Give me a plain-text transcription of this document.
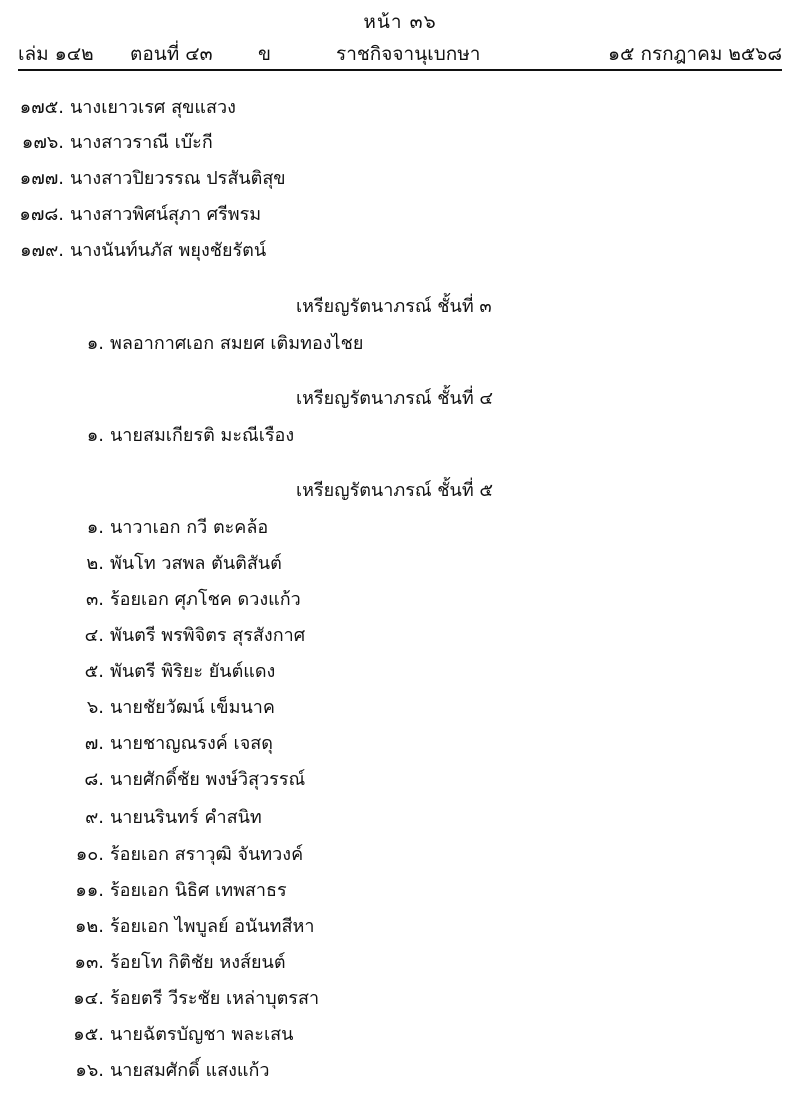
หน้า ๓๖
เล่ม ๑๔๒ ตอนที่ ๔๓ ข	ราชกิจจานุเบกษา	๑๕ กรกฎาคม ๒๕๖๘
๑๗๕. นางเยาวเรศ สุขแสวง
๑๗๖. นางสาวราณี เบ๊ะกี
๑๗๗. นางสาวปิยวรรณ ปรสันติสุข
๑๗๘. นางสาวพิศน์สุภา ศรีพรม
๑๗๙. นางนันท์นภัส พยุงชัยรัตน์
เหรียญรัตนาภรณ์ ชั้นที่ ๓
๑. พลอากาศเอก สมยศ เติมทองไชย
เหรียญรัตนาภรณ์ ชั้นที่ ๔
๑. นายสมเกียรติ มะณีเรือง
เหรียญรัตนาภรณ์ ชั้นที่ ๕
๑. นาวาเอก กวี ตะคล้อ
๒. พันโท วสพล ตันติสันต์
๓. ร้อยเอก ศุภโชค ดวงแก้ว
๔. พันตรี พรพิจิตร สุรสังกาศ
๕. พันตรี พิริยะ ยันต์แดง
๖. นายชัยวัฒน์ เข็มนาค
๗. นายชาญณรงค์ เจสดุ
๘. นายศักดิ์ชัย พงษ์วิสุวรรณ์
๙. นายนรินทร์ คำสนิท
๑๐. ร้อยเอก สราวุฒิ จันทวงค์
๑๑. ร้อยเอก นิธิศ เทพสาธร
๑๒. ร้อยเอก ไพบูลย์ อนันทสีหา
๑๓. ร้อยโท กิติชัย หงส์ยนต์
๑๔. ร้อยตรี วีระชัย เหล่าบุตรสา
๑๕. นายฉัตรบัญชา พละเสน
๑๖. นายสมศักดิ์ แสงแก้ว
